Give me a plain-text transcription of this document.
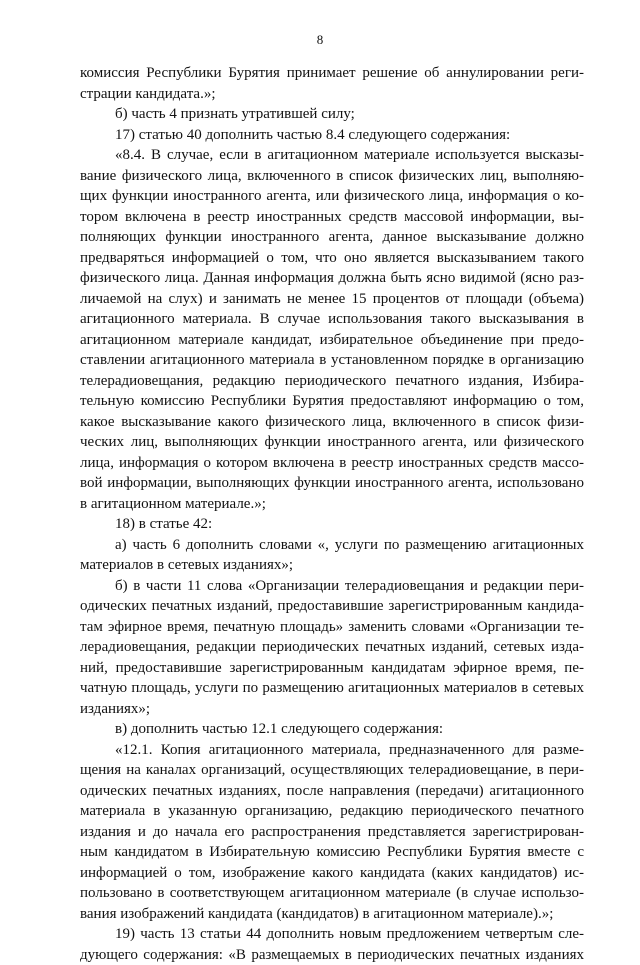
8
комиссия Республики Бурятия принимает решение об аннулировании реги-
страции кандидата.»;
б) часть 4 признать утратившей силу;
17) статью 40 дополнить частью 8.4 следующего содержания:
«8.4. В случае, если в агитационном материале используется высказы-
вание физического лица, включенного в список физических лиц, выполняю-
щих функции иностранного агента, или физического лица, информация о ко-
тором включена в реестр иностранных средств массовой информации, вы-
полняющих функции иностранного агента, данное высказывание должно
предваряться информацией о том, что оно является высказыванием такого
физического лица. Данная информация должна быть ясно видимой (ясно раз-
личаемой на слух) и занимать не менее 15 процентов от площади (объема)
агитационного материала. В случае использования такого высказывания в
агитационном материале кандидат, избирательное объединение при предо-
ставлении агитационного материала в установленном порядке в организацию
телерадиовещания, редакцию периодического печатного издания, Избира-
тельную комиссию Республики Бурятия предоставляют информацию о том,
какое высказывание какого физического лица, включенного в список физи-
ческих лиц, выполняющих функции иностранного агента, или физического
лица, информация о котором включена в реестр иностранных средств массо-
вой информации, выполняющих функции иностранного агента, использовано
в агитационном материале.»;
18) в статье 42:
а) часть 6 дополнить словами «, услуги по размещению агитационных
материалов в сетевых изданиях»;
б) в части 11 слова «Организации телерадиовещания и редакции пери-
одических печатных изданий, предоставившие зарегистрированным кандида-
там эфирное время, печатную площадь» заменить словами «Организации те-
лерадиовещания, редакции периодических печатных изданий, сетевых изда-
ний, предоставившие зарегистрированным кандидатам эфирное время, пе-
чатную площадь, услуги по размещению агитационных материалов в сетевых
изданиях»;
в) дополнить частью 12.1 следующего содержания:
«12.1. Копия агитационного материала, предназначенного для разме-
щения на каналах организаций, осуществляющих телерадиовещание, в пери-
одических печатных изданиях, после направления (передачи) агитационного
материала в указанную организацию, редакцию периодического печатного
издания и до начала его распространения представляется зарегистрирован-
ным кандидатом в Избирательную комиссию Республики Бурятия вместе с
информацией о том, изображение какого кандидата (каких кандидатов) ис-
пользовано в соответствующем агитационном материале (в случае использо-
вания изображений кандидата (кандидатов) в агитационном материале).»;
19) часть 13 статьи 44 дополнить новым предложением четвертым сле-
дующего содержания: «В размещаемых в периодических печатных изданиях
